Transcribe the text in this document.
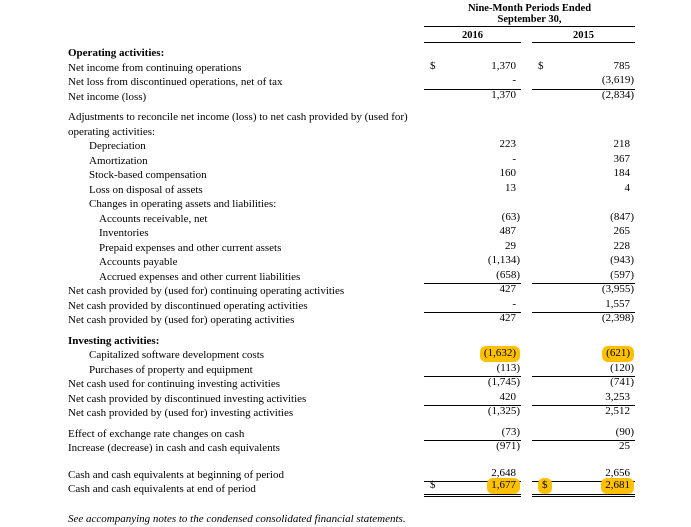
Nine-Month Periods Ended
September 30,
2016	2015
Operating activities:
Net income from continuing operations	$	1,370 $	785
Net loss from discontinued operations, net of tax	-	(3,619)
Net income (loss)	1,370	(2,834)
Adjustments to reconcile net income (loss) to net cash provided by (used for) operating activities:
Depreciation	223	218
Amortization	-	367
Stock-based compensation	160	184
Loss on disposal of assets	13	4
Changes in operating assets and liabilities:
Accounts receivable, net	(63)	(847)
Inventories	487	265
Prepaid expenses and other current assets	29	228
Accounts payable	(1,134)	(943)
Accrued expenses and other current liabilities	(658)	(597)
Net cash provided by (used for) continuing operating activities	427	(3,955)
Net cash provided by discontinued operating activities	-	1,557
Net cash provided by (used for) operating activities	427	(2,398)
Investing activities:
Capitalized software development costs	(1,632)	(621)
Purchases of property and equipment	(113)	(120)
Net cash used for continuing investing activities	(1,745)	(741)
Net cash provided by discontinued investing activities	420	3,253
Net cash provided by (used for) investing activities	(1,325)	2,512
Effect of exchange rate changes on cash	(73)	(90)
Increase (decrease) in cash and cash equivalents	(971)	25
Cash and cash equivalents at beginning of period	2,648	2,656
Cash and cash equivalents at end of period	$	1,677	$	2,681
See accompanying notes to the condensed consolidated financial statements.
